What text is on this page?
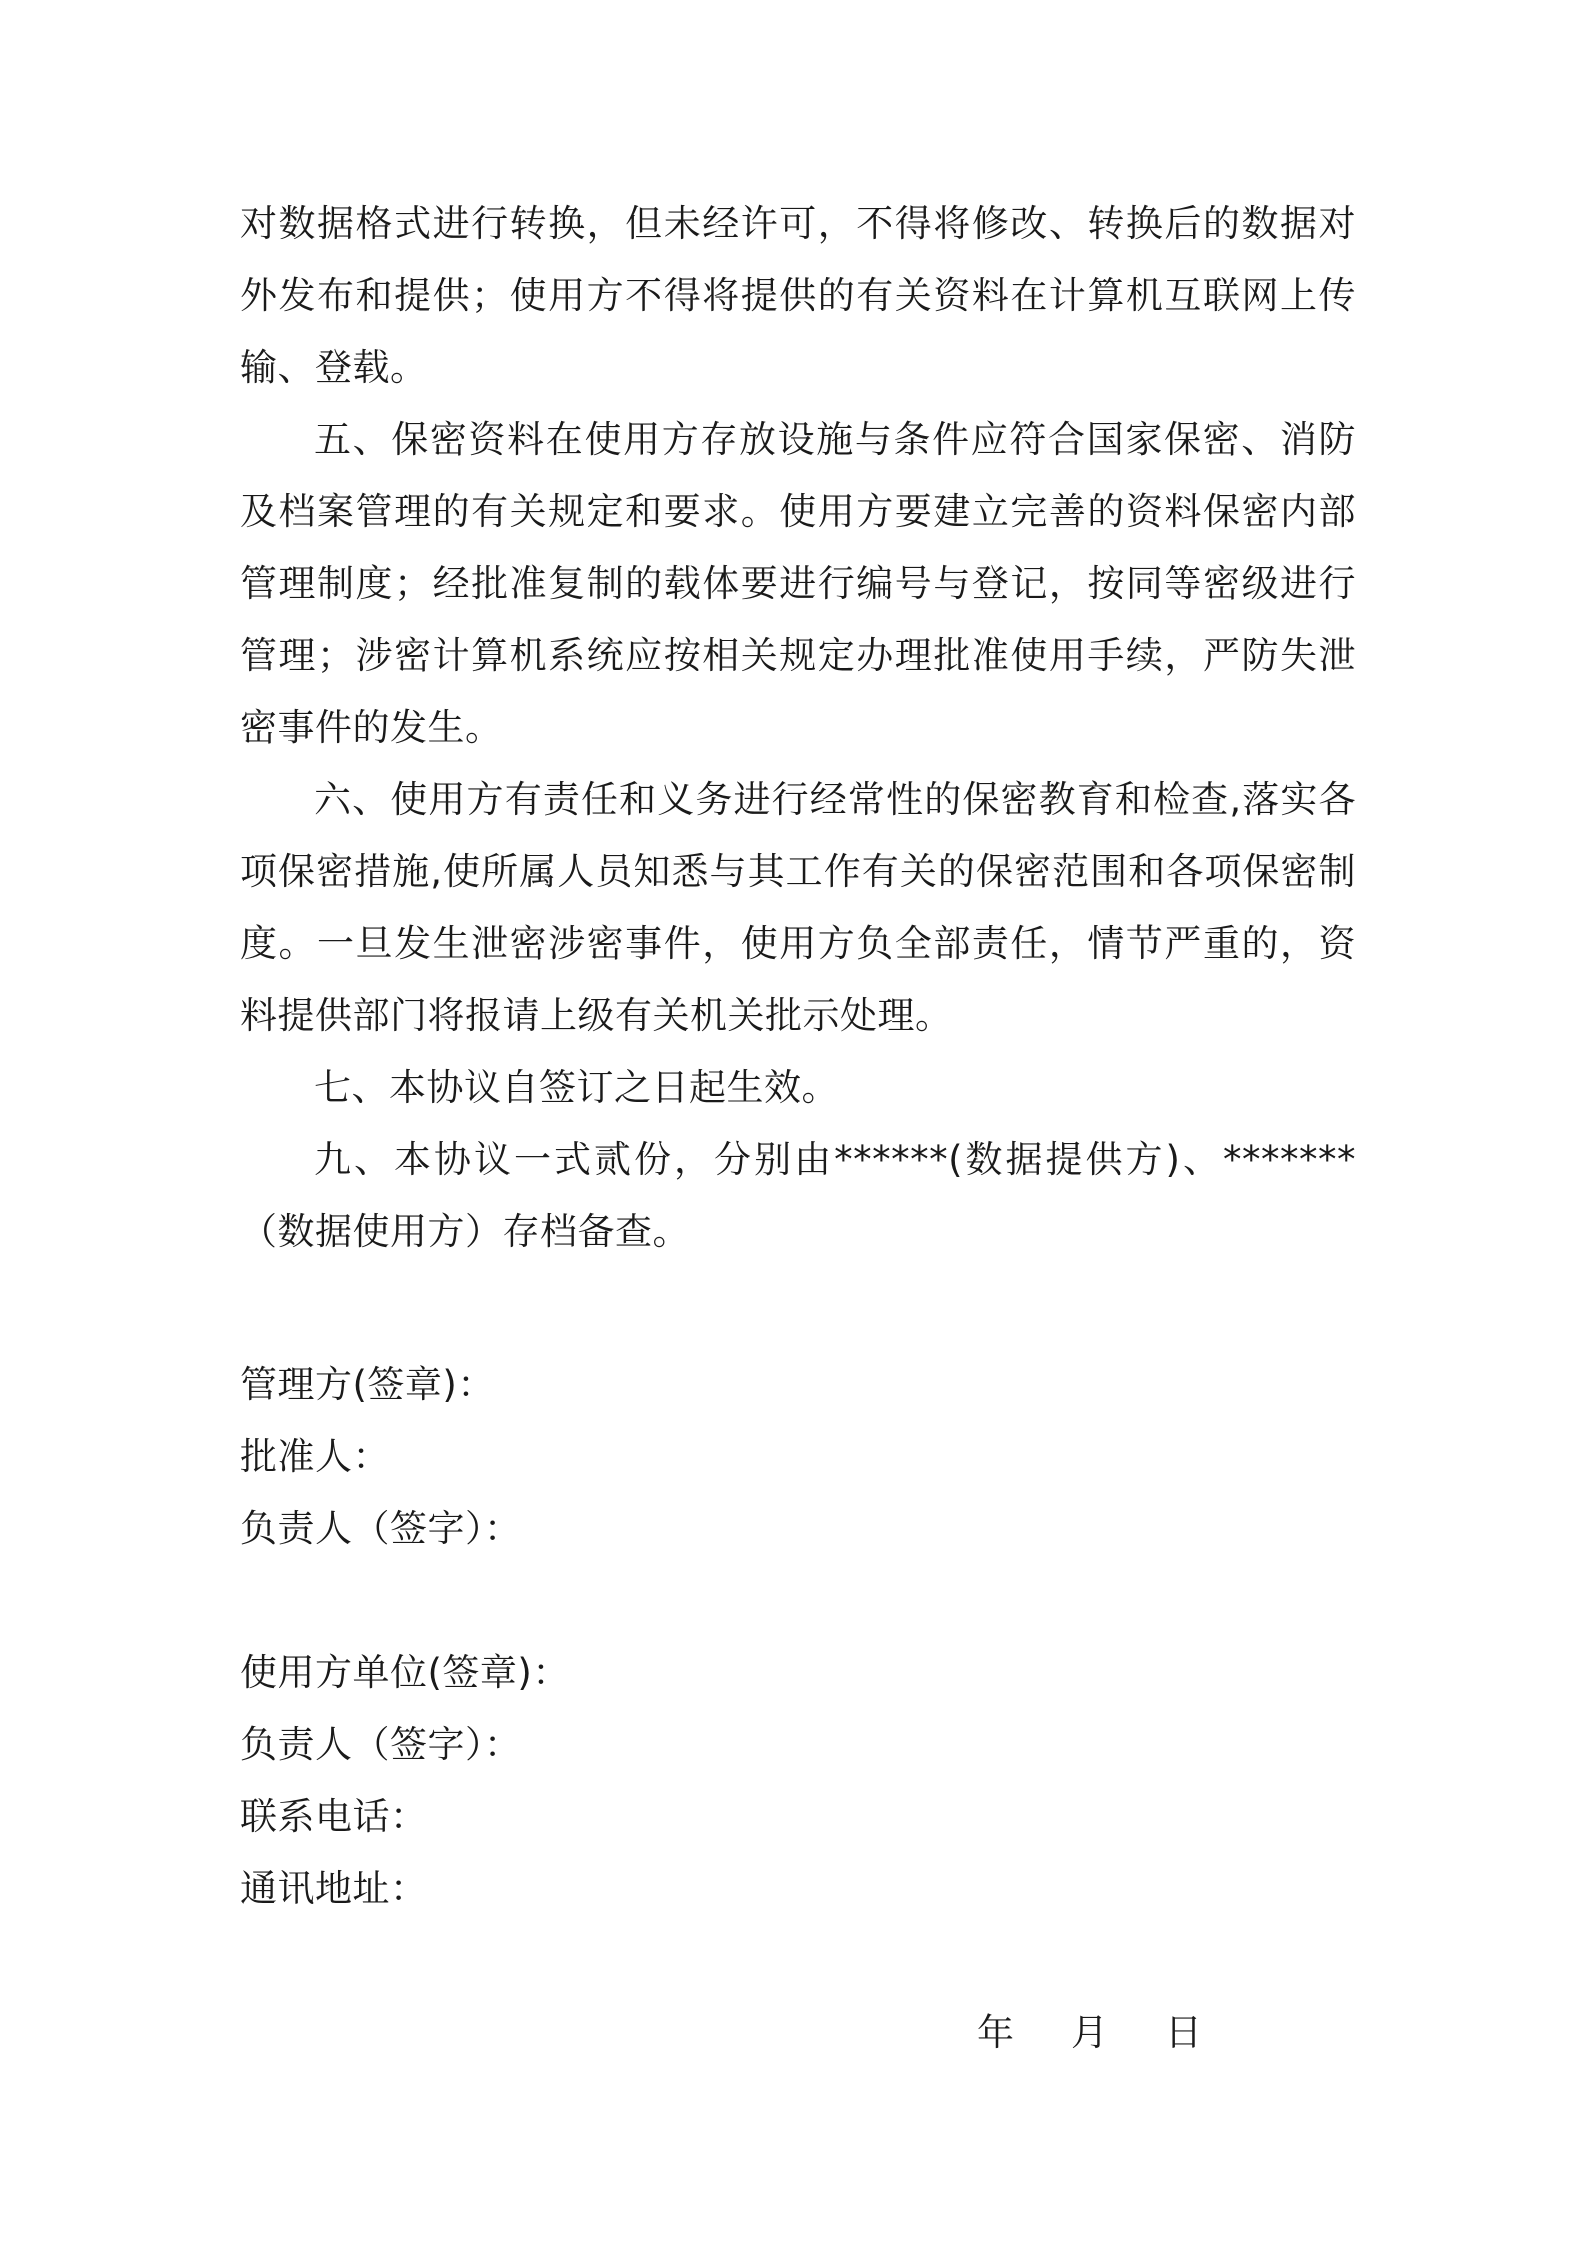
对数据格式进行转换，但未经许可，不得将修改、转换后的数据对外发布和提供；使用方不得将提供的有关资料在计算机互联网上传输、登载。

五、保密资料在使用方存放设施与条件应符合国家保密、消防及档案管理的有关规定和要求。使用方要建立完善的资料保密内部管理制度；经批准复制的载体要进行编号与登记，按同等密级进行管理；涉密计算机系统应按相关规定办理批准使用手续，严防失泄密事件的发生。

六、使用方有责任和义务进行经常性的保密教育和检查,落实各项保密措施,使所属人员知悉与其工作有关的保密范围和各项保密制度。一旦发生泄密涉密事件，使用方负全部责任，情节严重的，资料提供部门将报请上级有关机关批示处理。

七、本协议自签订之日起生效。

九、本协议一式贰份，分别由******(数据提供方)、*******（数据使用方）存档备查。

管理方(签章)：

批准人：

负责人（签字）：

使用方单位(签章)：

负责人（签字）：

联系电话：

通讯地址：

年 月 日
